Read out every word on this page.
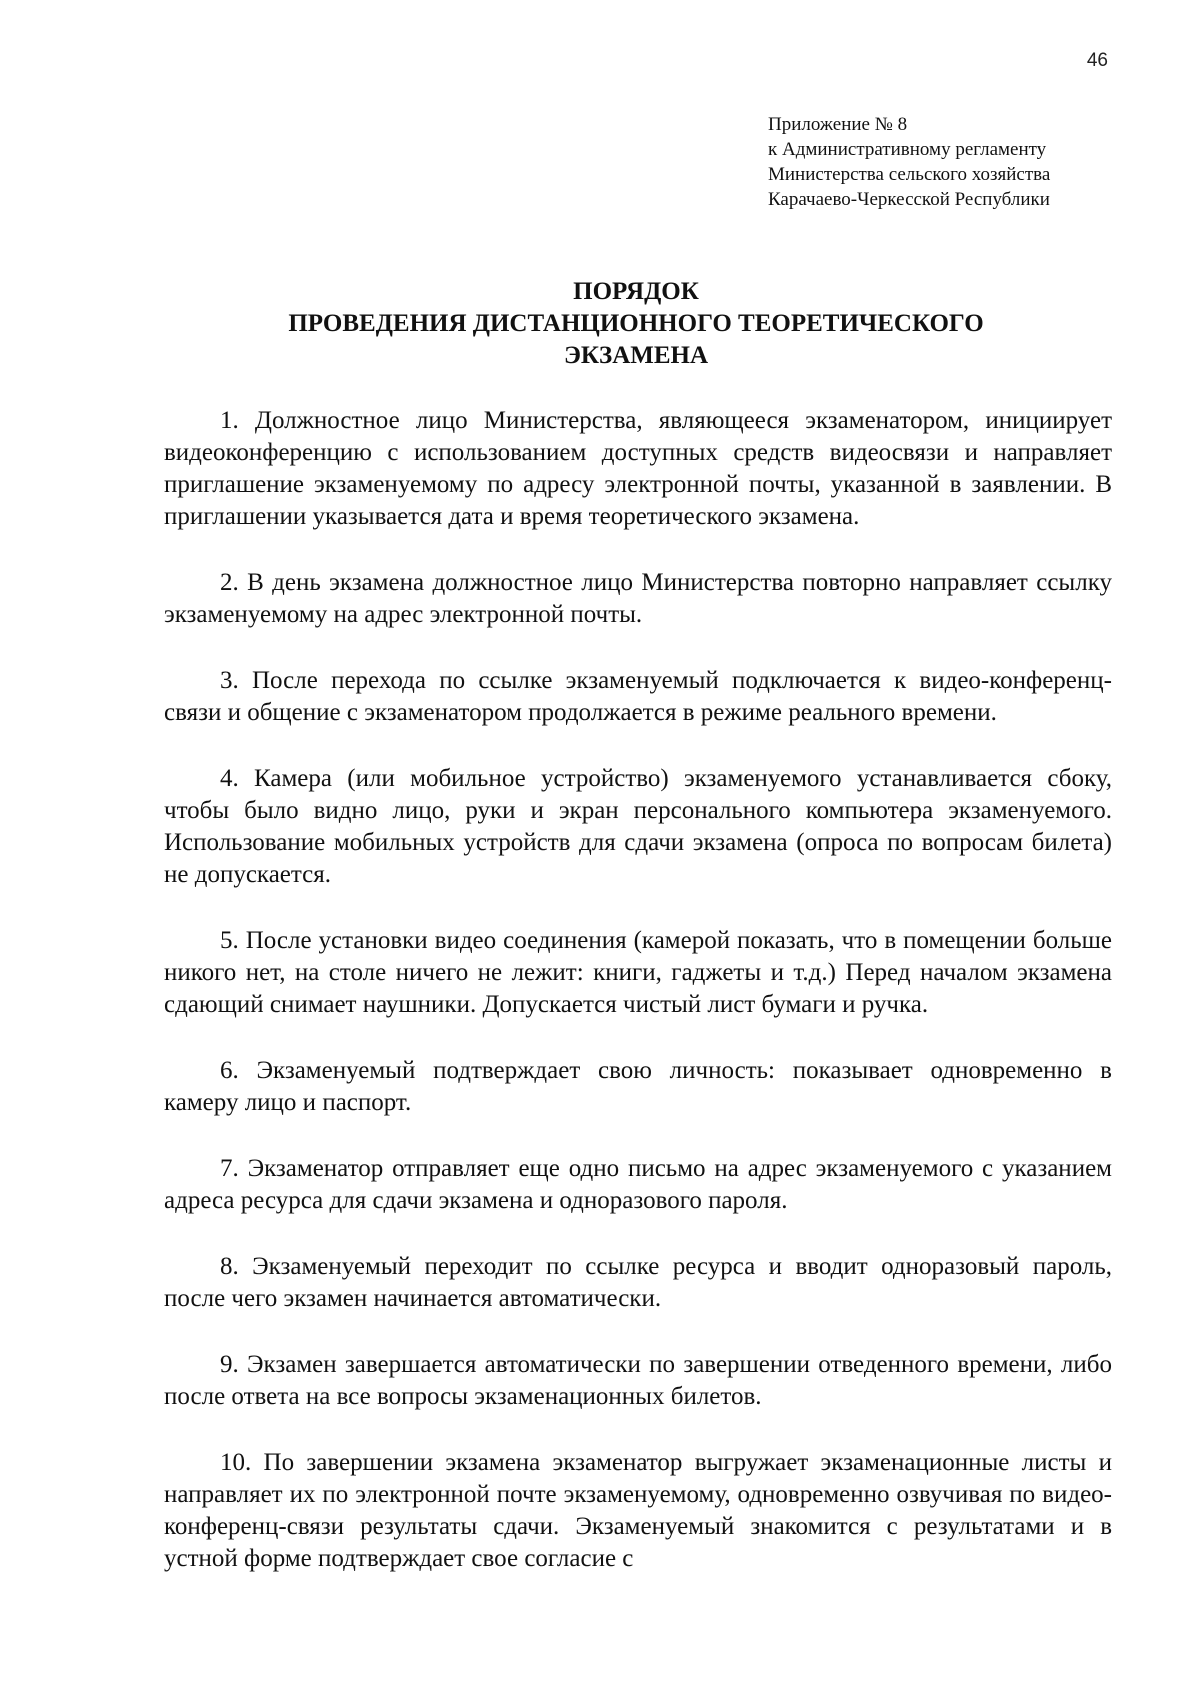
46
Приложение № 8
к Административному регламенту
Министерства сельского хозяйства
Карачаево-Черкесской Республики
ПОРЯДОК
ПРОВЕДЕНИЯ ДИСТАНЦИОННОГО ТЕОРЕТИЧЕСКОГО
ЭКЗАМЕНА

1. Должностное лицо Министерства, являющееся экзаменатором, инициирует видеоконференцию с использованием доступных средств видеосвязи и направляет приглашение экзаменуемому по адресу электронной почты, указанной в заявлении. В приглашении указывается дата и время теоретического экзамена.

2. В день экзамена должностное лицо Министерства повторно направляет ссылку экзаменуемому на адрес электронной почты.

3. После перехода по ссылке экзаменуемый подключается к видео-конференц-связи и общение с экзаменатором продолжается в режиме реального времени.

4. Камера (или мобильное устройство) экзаменуемого устанавливается сбоку, чтобы было видно лицо, руки и экран персонального компьютера экзаменуемого. Использование мобильных устройств для сдачи экзамена (опроса по вопросам билета) не допускается.

5. После установки видео соединения (камерой показать, что в помещении больше никого нет, на столе ничего не лежит: книги, гаджеты и т.д.) Перед началом экзамена сдающий снимает наушники. Допускается чистый лист бумаги и ручка.

6. Экзаменуемый подтверждает свою личность: показывает одновременно в камеру лицо и паспорт.

7. Экзаменатор отправляет еще одно письмо на адрес экзаменуемого с указанием адреса ресурса для сдачи экзамена и одноразового пароля.

8. Экзаменуемый переходит по ссылке ресурса и вводит одноразовый пароль, после чего экзамен начинается автоматически.

9. Экзамен завершается автоматически по завершении отведенного времени, либо после ответа на все вопросы экзаменационных билетов.

10. По завершении экзамена экзаменатор выгружает экзаменационные листы и направляет их по электронной почте экзаменуемому, одновременно озвучивая по видео-конференц-связи результаты сдачи. Экзаменуемый знакомится с результатами и в устной форме подтверждает свое согласие с
